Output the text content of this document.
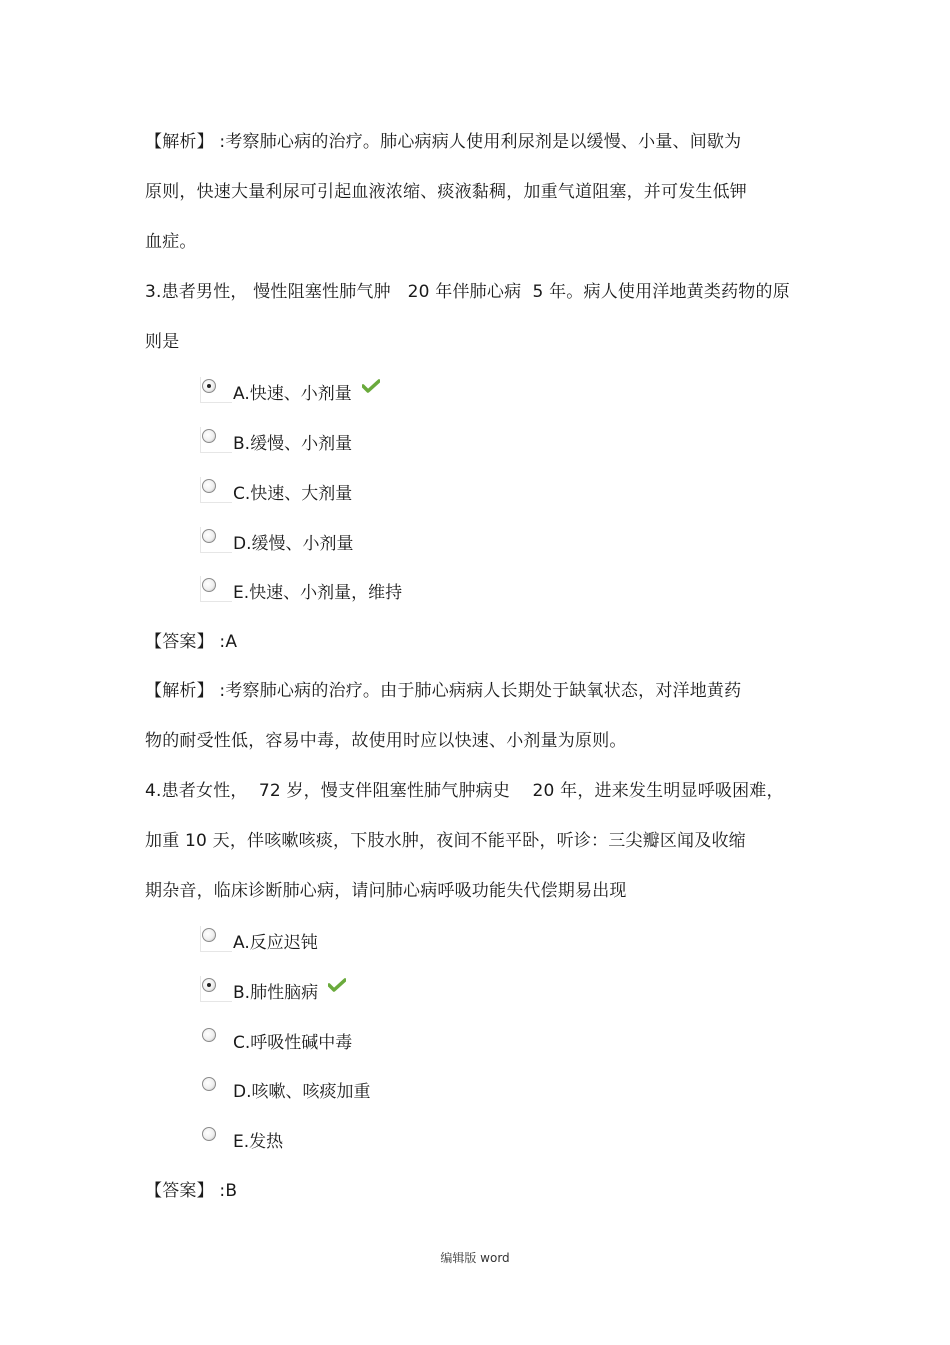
【解析】 :考察肺心病的治疗。肺心病病人使用利尿剂是以缓慢、小量、间歇为
原则，快速大量利尿可引起血液浓缩、痰液黏稠，加重气道阻塞，并可发生低钾
血症。
3.患者男性， 慢性阻塞性肺气肿   20 年伴肺心病  5 年。病人使用洋地黄类药物的原
则是
A.快速、小剂量
B.缓慢、小剂量
C.快速、大剂量
D.缓慢、小剂量
E.快速、小剂量，维持
【答案】 :A
【解析】 :考察肺心病的治疗。由于肺心病病人长期处于缺氧状态，对洋地黄药
物的耐受性低，容易中毒，故使用时应以快速、小剂量为原则。
4.患者女性，  72 岁，慢支伴阻塞性肺气肿病史    20 年，进来发生明显呼吸困难，
加重 10 天，伴咳嗽咳痰，下肢水肿，夜间不能平卧，听诊：三尖瓣区闻及收缩
期杂音，临床诊断肺心病，请问肺心病呼吸功能失代偿期易出现
A.反应迟钝
B.肺性脑病
C.呼吸性碱中毒
D.咳嗽、咳痰加重
E.发热
【答案】 :B
编辑版 word
